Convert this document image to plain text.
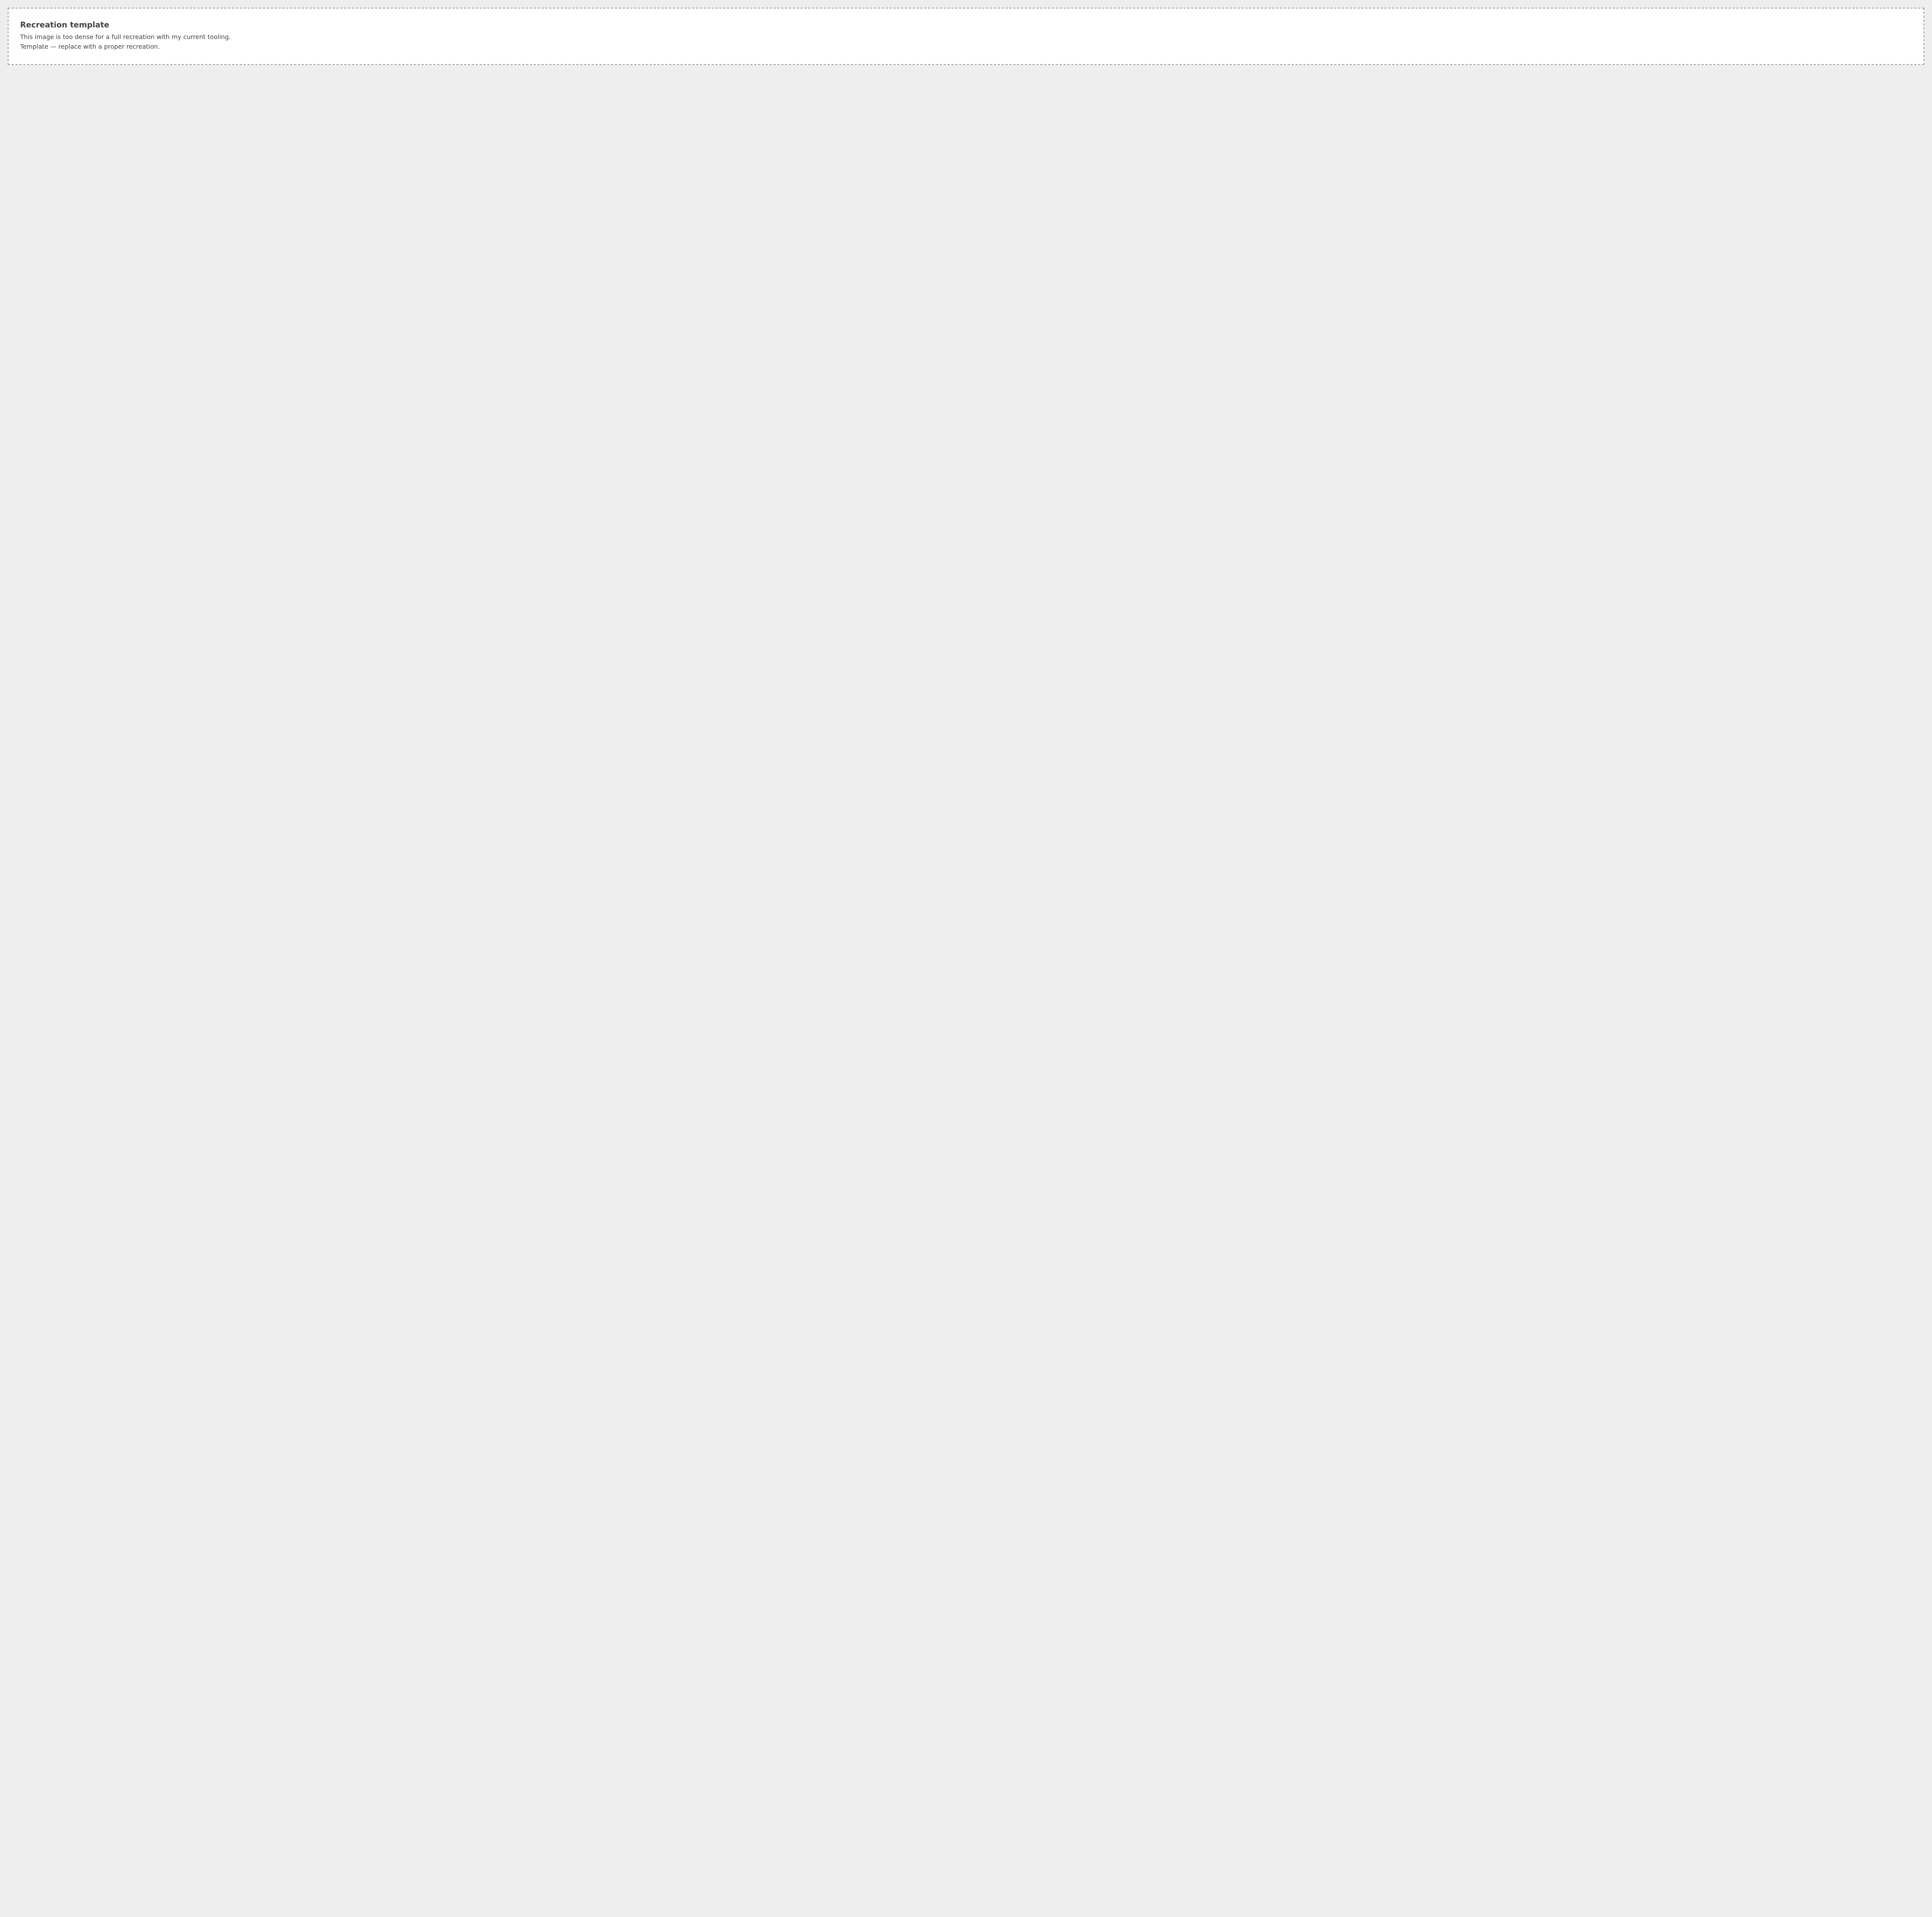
Recreation template

This image is too dense for a full recreation with my current tooling.

Template — replace with a proper recreation.
